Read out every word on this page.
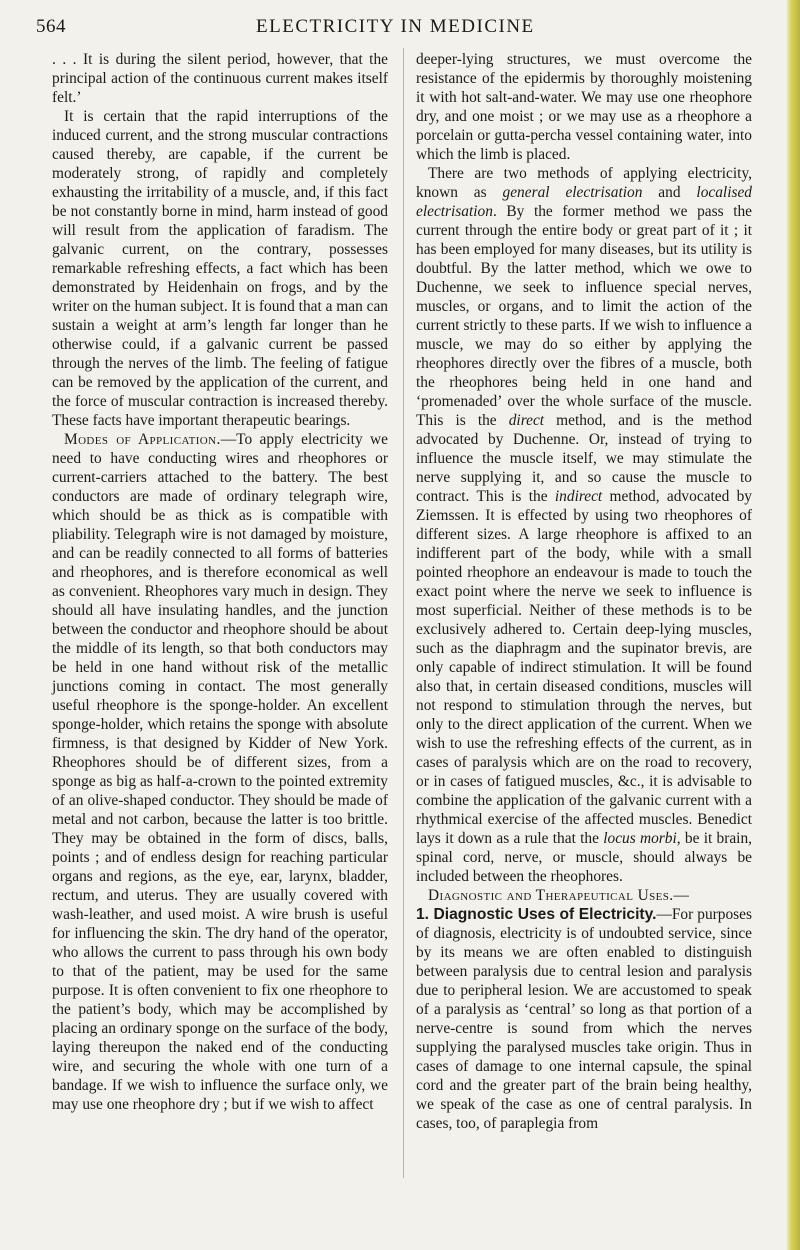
564	ELECTRICITY IN MEDICINE

. . . It is during the silent period, however, that the principal action of the continuous current makes itself felt.’

It is certain that the rapid interruptions of the induced current, and the strong muscular contractions caused thereby, are capable, if the current be moderately strong, of rapidly and completely exhausting the irritability of a muscle, and, if this fact be not constantly borne in mind, harm instead of good will result from the application of faradism. The galvanic current, on the contrary, possesses remarkable refreshing effects, a fact which has been demonstrated by Heidenhain on frogs, and by the writer on the human subject. It is found that a man can sustain a weight at arm’s length far longer than he otherwise could, if a galvanic current be passed through the nerves of the limb. The feeling of fatigue can be removed by the application of the current, and the force of muscular contraction is increased thereby. These facts have important therapeutic bearings.

Modes of Application.—To apply electricity we need to have conducting wires and rheophores or current-carriers attached to the battery. The best conductors are made of ordinary telegraph wire, which should be as thick as is compatible with pliability. Telegraph wire is not damaged by moisture, and can be readily connected to all forms of batteries and rheophores, and is therefore economical as well as convenient. Rheophores vary much in design. They should all have insulating handles, and the junction between the conductor and rheophore should be about the middle of its length, so that both conductors may be held in one hand without risk of the metallic junctions coming in contact. The most generally useful rheophore is the sponge-holder. An excellent sponge-holder, which retains the sponge with absolute firmness, is that designed by Kidder of New York. Rheophores should be of different sizes, from a sponge as big as half-a-crown to the pointed extremity of an olive-shaped conductor. They should be made of metal and not carbon, because the latter is too brittle. They may be obtained in the form of discs, balls, points ; and of endless design for reaching particular organs and regions, as the eye, ear, larynx, bladder, rectum, and uterus. They are usually covered with wash-leather, and used moist. A wire brush is useful for influencing the skin. The dry hand of the operator, who allows the current to pass through his own body to that of the patient, may be used for the same purpose. It is often convenient to fix one rheophore to the patient’s body, which may be accomplished by placing an ordinary sponge on the surface of the body, laying thereupon the naked end of the conducting wire, and securing the whole with one turn of a bandage. If we wish to influence the surface only, we may use one rheophore dry ; but if we wish to affect

deeper-lying structures, we must overcome the resistance of the epidermis by thoroughly moistening it with hot salt-and-water. We may use one rheophore dry, and one moist ; or we may use as a rheophore a porcelain or gutta-percha vessel containing water, into which the limb is placed.

There are two methods of applying electricity, known as general electrisation and localised electrisation. By the former method we pass the current through the entire body or great part of it ; it has been employed for many diseases, but its utility is doubtful. By the latter method, which we owe to Duchenne, we seek to influence special nerves, muscles, or organs, and to limit the action of the current strictly to these parts. If we wish to influence a muscle, we may do so either by applying the rheophores directly over the fibres of a muscle, both the rheophores being held in one hand and ‘promenaded’ over the whole surface of the muscle. This is the direct method, and is the method advocated by Duchenne. Or, instead of trying to influence the muscle itself, we may stimulate the nerve supplying it, and so cause the muscle to contract. This is the indirect method, advocated by Ziemssen. It is effected by using two rheophores of different sizes. A large rheophore is affixed to an indifferent part of the body, while with a small pointed rheophore an endeavour is made to touch the exact point where the nerve we seek to influence is most superficial. Neither of these methods is to be exclusively adhered to. Certain deep-lying muscles, such as the diaphragm and the supinator brevis, are only capable of indirect stimulation. It will be found also that, in certain diseased conditions, muscles will not respond to stimulation through the nerves, but only to the direct application of the current. When we wish to use the refreshing effects of the current, as in cases of paralysis which are on the road to recovery, or in cases of fatigued muscles, &c., it is advisable to combine the application of the galvanic current with a rhythmical exercise of the affected muscles. Benedict lays it down as a rule that the locus morbi, be it brain, spinal cord, nerve, or muscle, should always be included between the rheophores.

Diagnostic and Therapeutical Uses.—

1. Diagnostic Uses of Electricity.—For purposes of diagnosis, electricity is of undoubted service, since by its means we are often enabled to distinguish between paralysis due to central lesion and paralysis due to peripheral lesion. We are accustomed to speak of a paralysis as ‘central’ so long as that portion of a nerve-centre is sound from which the nerves supplying the paralysed muscles take origin. Thus in cases of damage to one internal capsule, the spinal cord and the greater part of the brain being healthy, we speak of the case as one of central paralysis. In cases, too, of paraplegia from
